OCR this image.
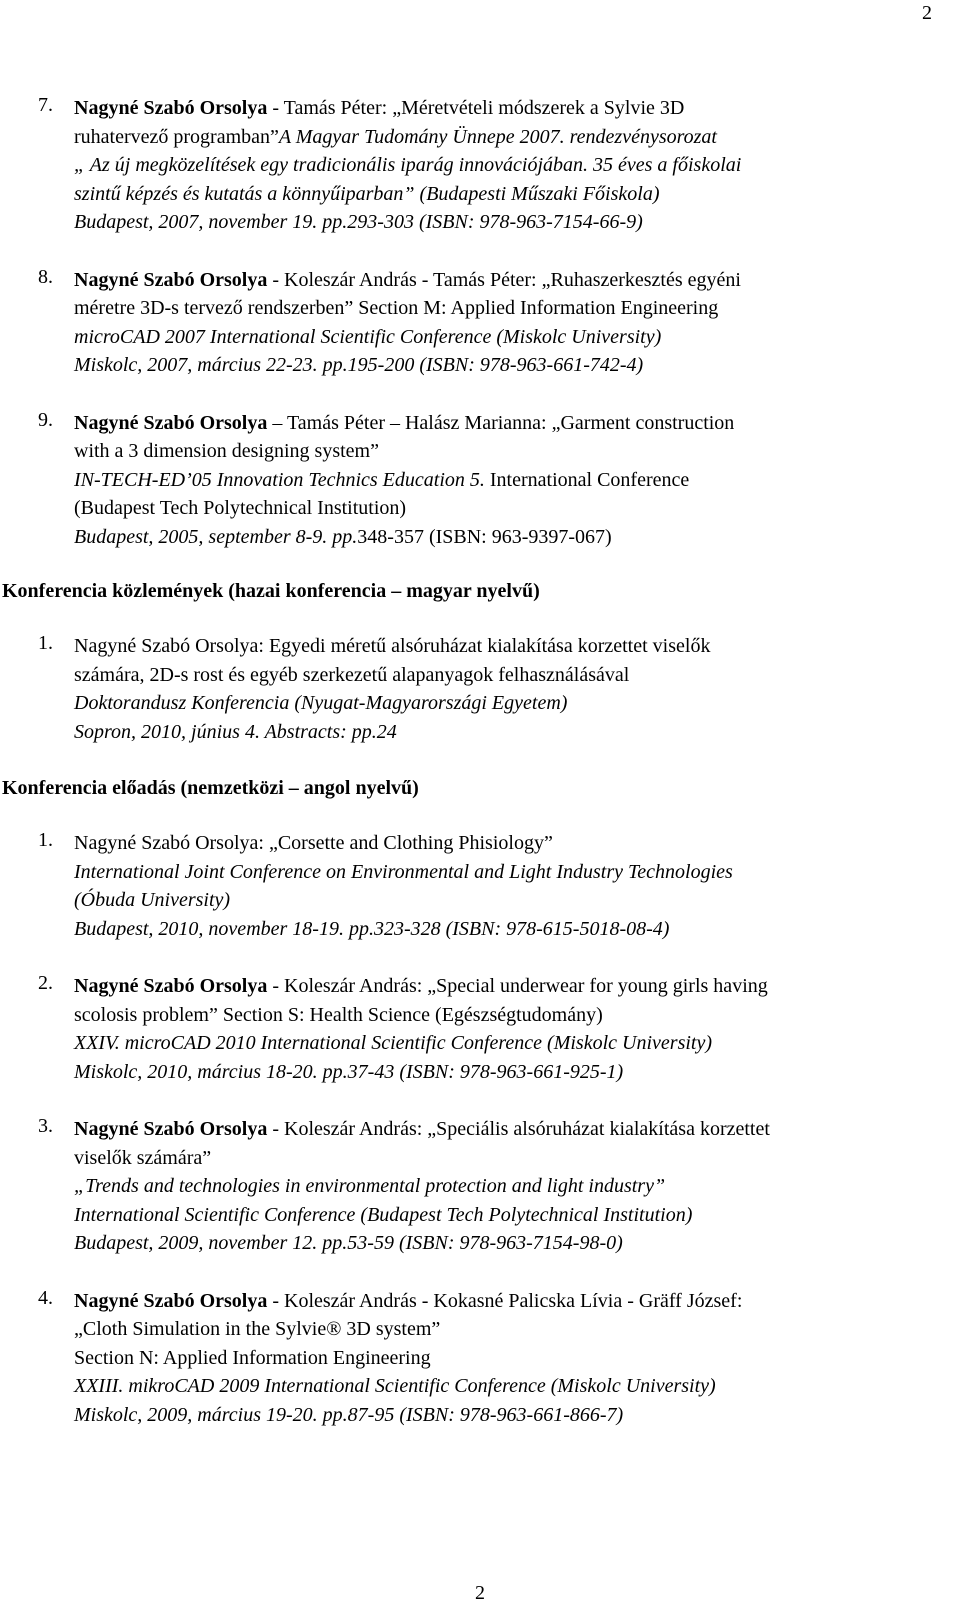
2
7. Nagyné Szabó Orsolya - Tamás Péter: „Méretvételi módszerek a Sylvie 3D
ruhatervező programban”A Magyar Tudomány Ünnepe 2007. rendezvénysorozat
„ Az új megközelítések egy tradicionális iparág innovációjában. 35 éves a főiskolai
szintű képzés és kutatás a könnyűiparban” (Budapesti Műszaki Főiskola)
Budapest, 2007, november 19. pp.293-303 (ISBN: 978-963-7154-66-9)
8. Nagyné Szabó Orsolya - Koleszár András - Tamás Péter: „Ruhaszerkesztés egyéni
méretre 3D-s tervező rendszerben” Section M: Applied Information Engineering
microCAD 2007 International Scientific Conference (Miskolc University)
Miskolc, 2007, március 22-23. pp.195-200 (ISBN: 978-963-661-742-4)
9. Nagyné Szabó Orsolya – Tamás Péter – Halász Marianna: „Garment construction
with a 3 dimension designing system”
IN-TECH-ED’05 Innovation Technics Education 5. International Conference
(Budapest Tech Polytechnical Institution)
Budapest, 2005, september 8-9. pp.348-357 (ISBN: 963-9397-067)
Konferencia közlemények (hazai konferencia – magyar nyelvű)
1. Nagyné Szabó Orsolya: Egyedi méretű alsóruházat kialakítása korzettet viselők
számára, 2D-s rost és egyéb szerkezetű alapanyagok felhasználásával
Doktorandusz Konferencia (Nyugat-Magyarországi Egyetem)
Sopron, 2010, június 4. Abstracts: pp.24
Konferencia előadás (nemzetközi – angol nyelvű)
1. Nagyné Szabó Orsolya: „Corsette and Clothing Phisiology”
International Joint Conference on Environmental and Light Industry Technologies
(Óbuda University)
Budapest, 2010, november 18-19. pp.323-328 (ISBN: 978-615-5018-08-4)
2. Nagyné Szabó Orsolya - Koleszár András: „Special underwear for young girls having
scolosis problem” Section S: Health Science (Egészségtudomány)
XXIV. microCAD 2010 International Scientific Conference (Miskolc University)
Miskolc, 2010, március 18-20. pp.37-43 (ISBN: 978-963-661-925-1)
3. Nagyné Szabó Orsolya - Koleszár András: „Speciális alsóruházat kialakítása korzettet
viselők számára”
„Trends and technologies in environmental protection and light industry”
International Scientific Conference (Budapest Tech Polytechnical Institution)
Budapest, 2009, november 12. pp.53-59 (ISBN: 978-963-7154-98-0)
4. Nagyné Szabó Orsolya - Koleszár András - Kokasné Palicska Lívia - Gräff József:
„Cloth Simulation in the Sylvie® 3D system”
Section N: Applied Information Engineering
XXIII. mikroCAD 2009 International Scientific Conference (Miskolc University)
Miskolc, 2009, március 19-20. pp.87-95 (ISBN: 978-963-661-866-7)
2
